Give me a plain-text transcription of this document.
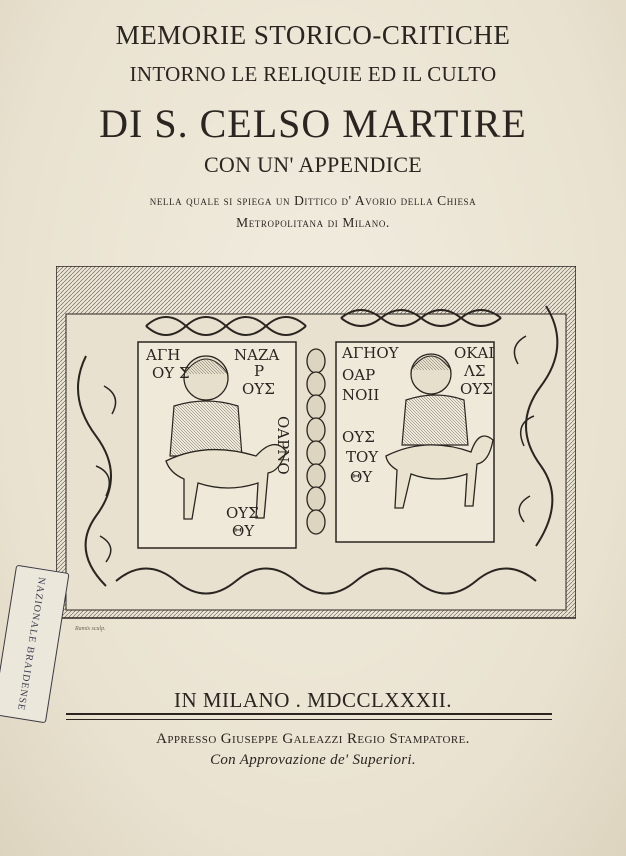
MEMORIE STORICO-CRITICHE
INTORNO LE RELIQUIE ED IL CULTO
DI S. CELSO MARTIRE
CON UN' APPENDICE
nella quale si spiega un Dittico d' Avorio della Chiesa
Metropolitana di Milano.
ΑΓΗ	ΝΑΖΑ
Ρ
ΟΥ Σ
ΟΥΣ
ΟΑΡΝΟ
ΟΥΣ
ΘΥ
ΑΓΗΟΥ	ΟΚΑΙ
ΟΑΡ	ΛΣ
ΝΟΙΙ	ΟΥΣ
ΟΥΣ
ΤΟΥ
ΘΥ
Ramis sculp.
NAZIONALE BRAIDENSE	IN MILANO . MDCCLXXXII.
Appresso Giuseppe Galeazzi Regio Stampatore.
Con Approvazione de' Superiori.
